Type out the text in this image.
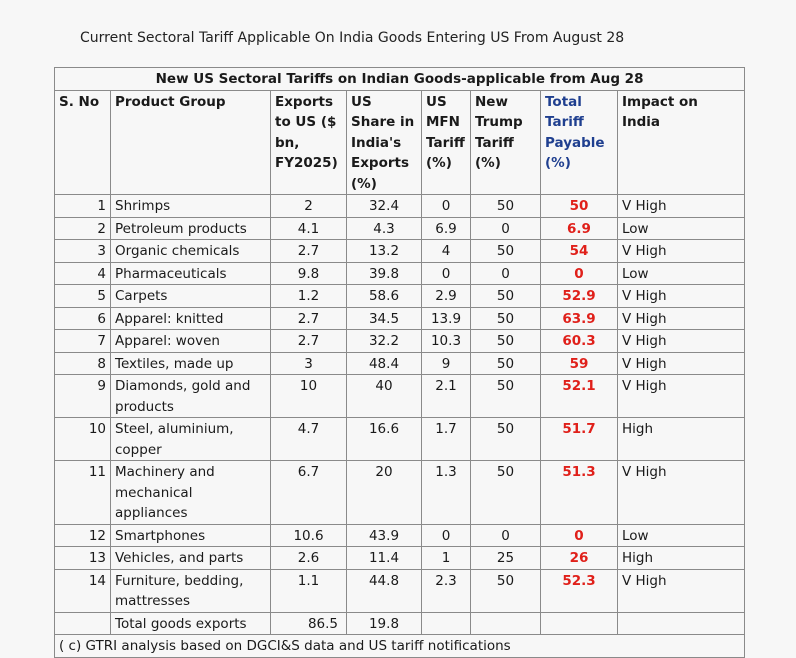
Current Sectoral Tariff Applicable On India Goods Entering US From August 28
New US Sectoral Tariffs on Indian Goods-applicable from Aug 28							
S. No	Product Group	Exports to US ($ bn, FY2025)	US Share in India's Exports (%)	US MFN Tariff (%)	New Trump Tariff (%)	Total Tariff Payable (%)	Impact on India
1	Shrimps	2	32.4	0	50	50	V High
2	Petroleum products	4.1	4.3	6.9	0	6.9	Low
3	Organic chemicals	2.7	13.2	4	50	54	V High
4	Pharmaceuticals	9.8	39.8	0	0	0	Low
5	Carpets	1.2	58.6	2.9	50	52.9	V High
6	Apparel: knitted	2.7	34.5	13.9	50	63.9	V High
7	Apparel: woven	2.7	32.2	10.3	50	60.3	V High
8	Textiles, made up	3	48.4	9	50	59	V High
9	Diamonds, gold and products	10	40	2.1	50	52.1	V High
10	Steel, aluminium, copper	4.7	16.6	1.7	50	51.7	High
11	Machinery and mechanical appliances	6.7	20	1.3	50	51.3	V High
12	Smartphones	10.6	43.9	0	0	0	Low
13	Vehicles, and parts	2.6	11.4	1	25	26	High
14	Furniture, bedding, mattresses	1.1	44.8	2.3	50	52.3	V High
	Total goods exports	86.5	19.8				
( c) GTRI analysis based on DGCI&S data and US tariff notifications							
